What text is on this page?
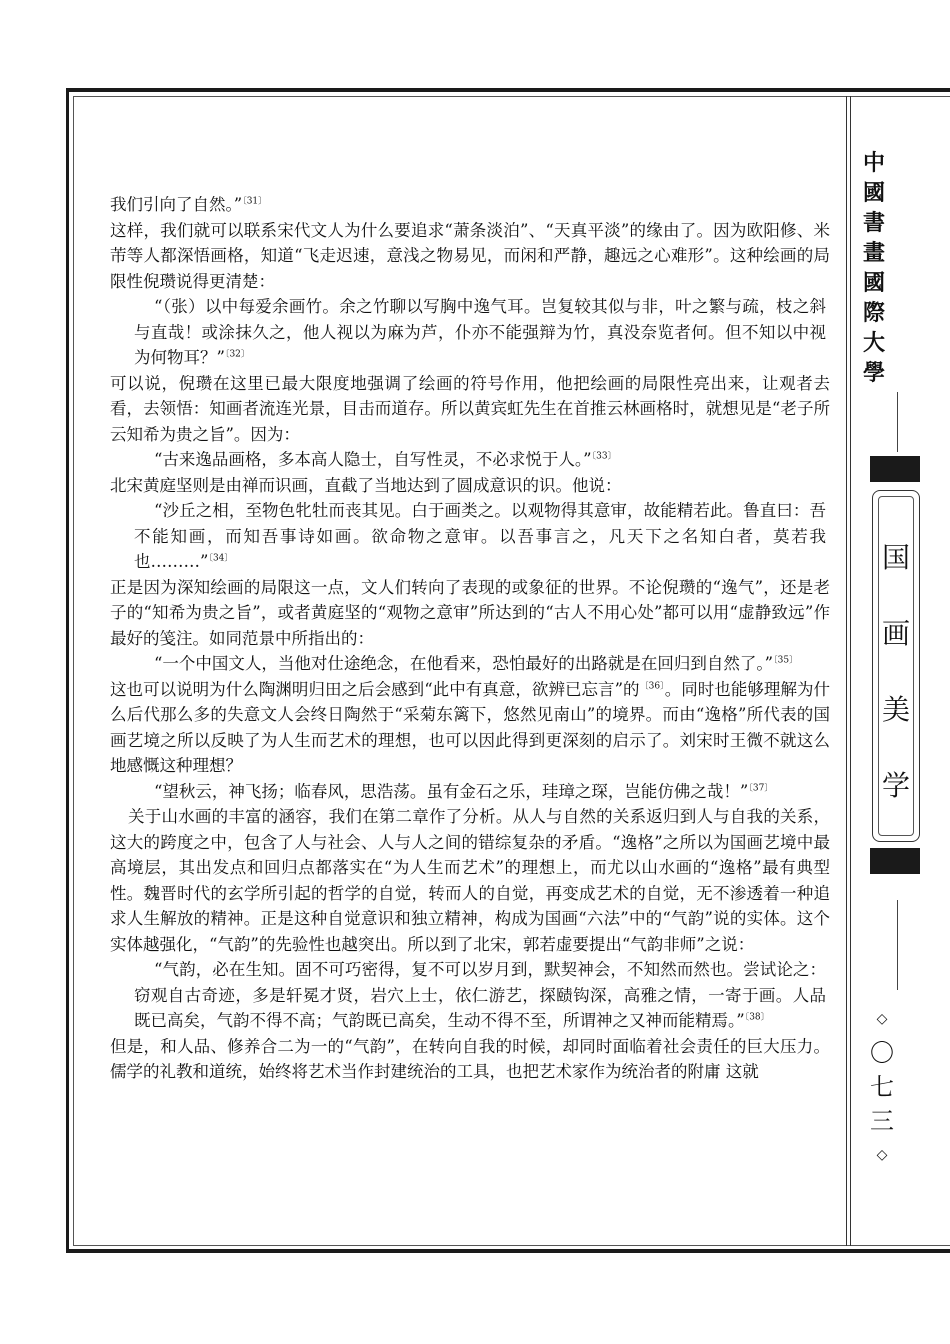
我们引向了自然。”$^{〔31〕}$

这样，我们就可以联系宋代文人为什么要追求“萧条淡泊”、“天真平淡”的缘由了。因为欧阳修、米芾等人都深悟画格，知道“飞走迟速，意浅之物易见，而闲和严静，趣远之心难形”。这种绘画的局限性倪瓒说得更清楚：

“（张）以中每爱余画竹。余之竹聊以写胸中逸气耳。岂复较其似与非，叶之繁与疏，枝之斜与直哉！或涂抹久之，他人视以为麻为芦，仆亦不能强辩为竹，真没奈览者何。但不知以中视为何物耳？”$^{〔32〕}$

可以说，倪瓒在这里已最大限度地强调了绘画的符号作用，他把绘画的局限性亮出来，让观者去看，去领悟：知画者流连光景，目击而道存。所以黄宾虹先生在首推云林画格时，就想见是“老子所云知希为贵之旨”。因为：

“古来逸品画格，多本高人隐士，自写性灵，不必求悦于人。”$^{〔33〕}$

北宋黄庭坚则是由禅而识画，直截了当地达到了圆成意识的识。他说：

“沙丘之相，至物色牝牡而丧其见。白于画类之。以观物得其意审，故能精若此。鲁直曰：吾不能知画，而知吾事诗如画。欲命物之意审。以吾事言之，凡天下之名知白者，莫若我也………”$^{〔34〕}$

正是因为深知绘画的局限这一点，文人们转向了表现的或象征的世界。不论倪瓒的“逸气”，还是老子的“知希为贵之旨”，或者黄庭坚的“观物之意审”所达到的“古人不用心处”都可以用“虚静致远”作最好的笺注。如同范景中所指出的：

“一个中国文人，当他对仕途绝念，在他看来，恐怕最好的出路就是在回归到自然了。”$^{〔35〕}$

这也可以说明为什么陶渊明归田之后会感到“此中有真意，欲辨已忘言”的$^{〔36〕}$。同时也能够理解为什么后代那么多的失意文人会终日陶然于“采菊东篱下，悠然见南山”的境界。而由“逸格”所代表的国画艺境之所以反映了为人生而艺术的理想，也可以因此得到更深刻的启示了。刘宋时王微不就这么地感慨这种理想？

“望秋云，神飞扬；临春风，思浩荡。虽有金石之乐，珪璋之琛，岂能仿佛之哉！”$^{〔37〕}$

关于山水画的丰富的涵容，我们在第二章作了分析。从人与自然的关系返归到人与自我的关系，这大的跨度之中，包含了人与社会、人与人之间的错综复杂的矛盾。“逸格”之所以为国画艺境中最高境层，其出发点和回归点都落实在“为人生而艺术”的理想上，而尤以山水画的“逸格”最有典型性。魏晋时代的玄学所引起的哲学的自觉，转而人的自觉，再变成艺术的自觉，无不渗透着一种追求人生解放的精神。正是这种自觉意识和独立精神，构成为国画“六法”中的“气韵”说的实体。这个实体越强化，“气韵”的先验性也越突出。所以到了北宋，郭若虚要提出“气韵非师”之说：

“气韵，必在生知。固不可巧密得，复不可以岁月到，默契神会，不知然而然也。尝试论之：窃观自古奇迹，多是轩冕才贤，岩穴上士，依仁游艺，探赜钩深，高雅之情，一寄于画。人品既已高矣，气韵不得不高；气韵既已高矣，生动不得不至，所谓神之又神而能精焉。”$^{〔38〕}$

但是，和人品、修养合二为一的“气韵”，在转向自我的时候，却同时面临着社会责任的巨大压力。儒学的礼教和道统，始终将艺术当作封建统治的工具，也把艺术家作为统治者的附庸 这就

中
國
書
畫
國
際
大
學
国
画
美
学
◇
〇
七
三
◇
